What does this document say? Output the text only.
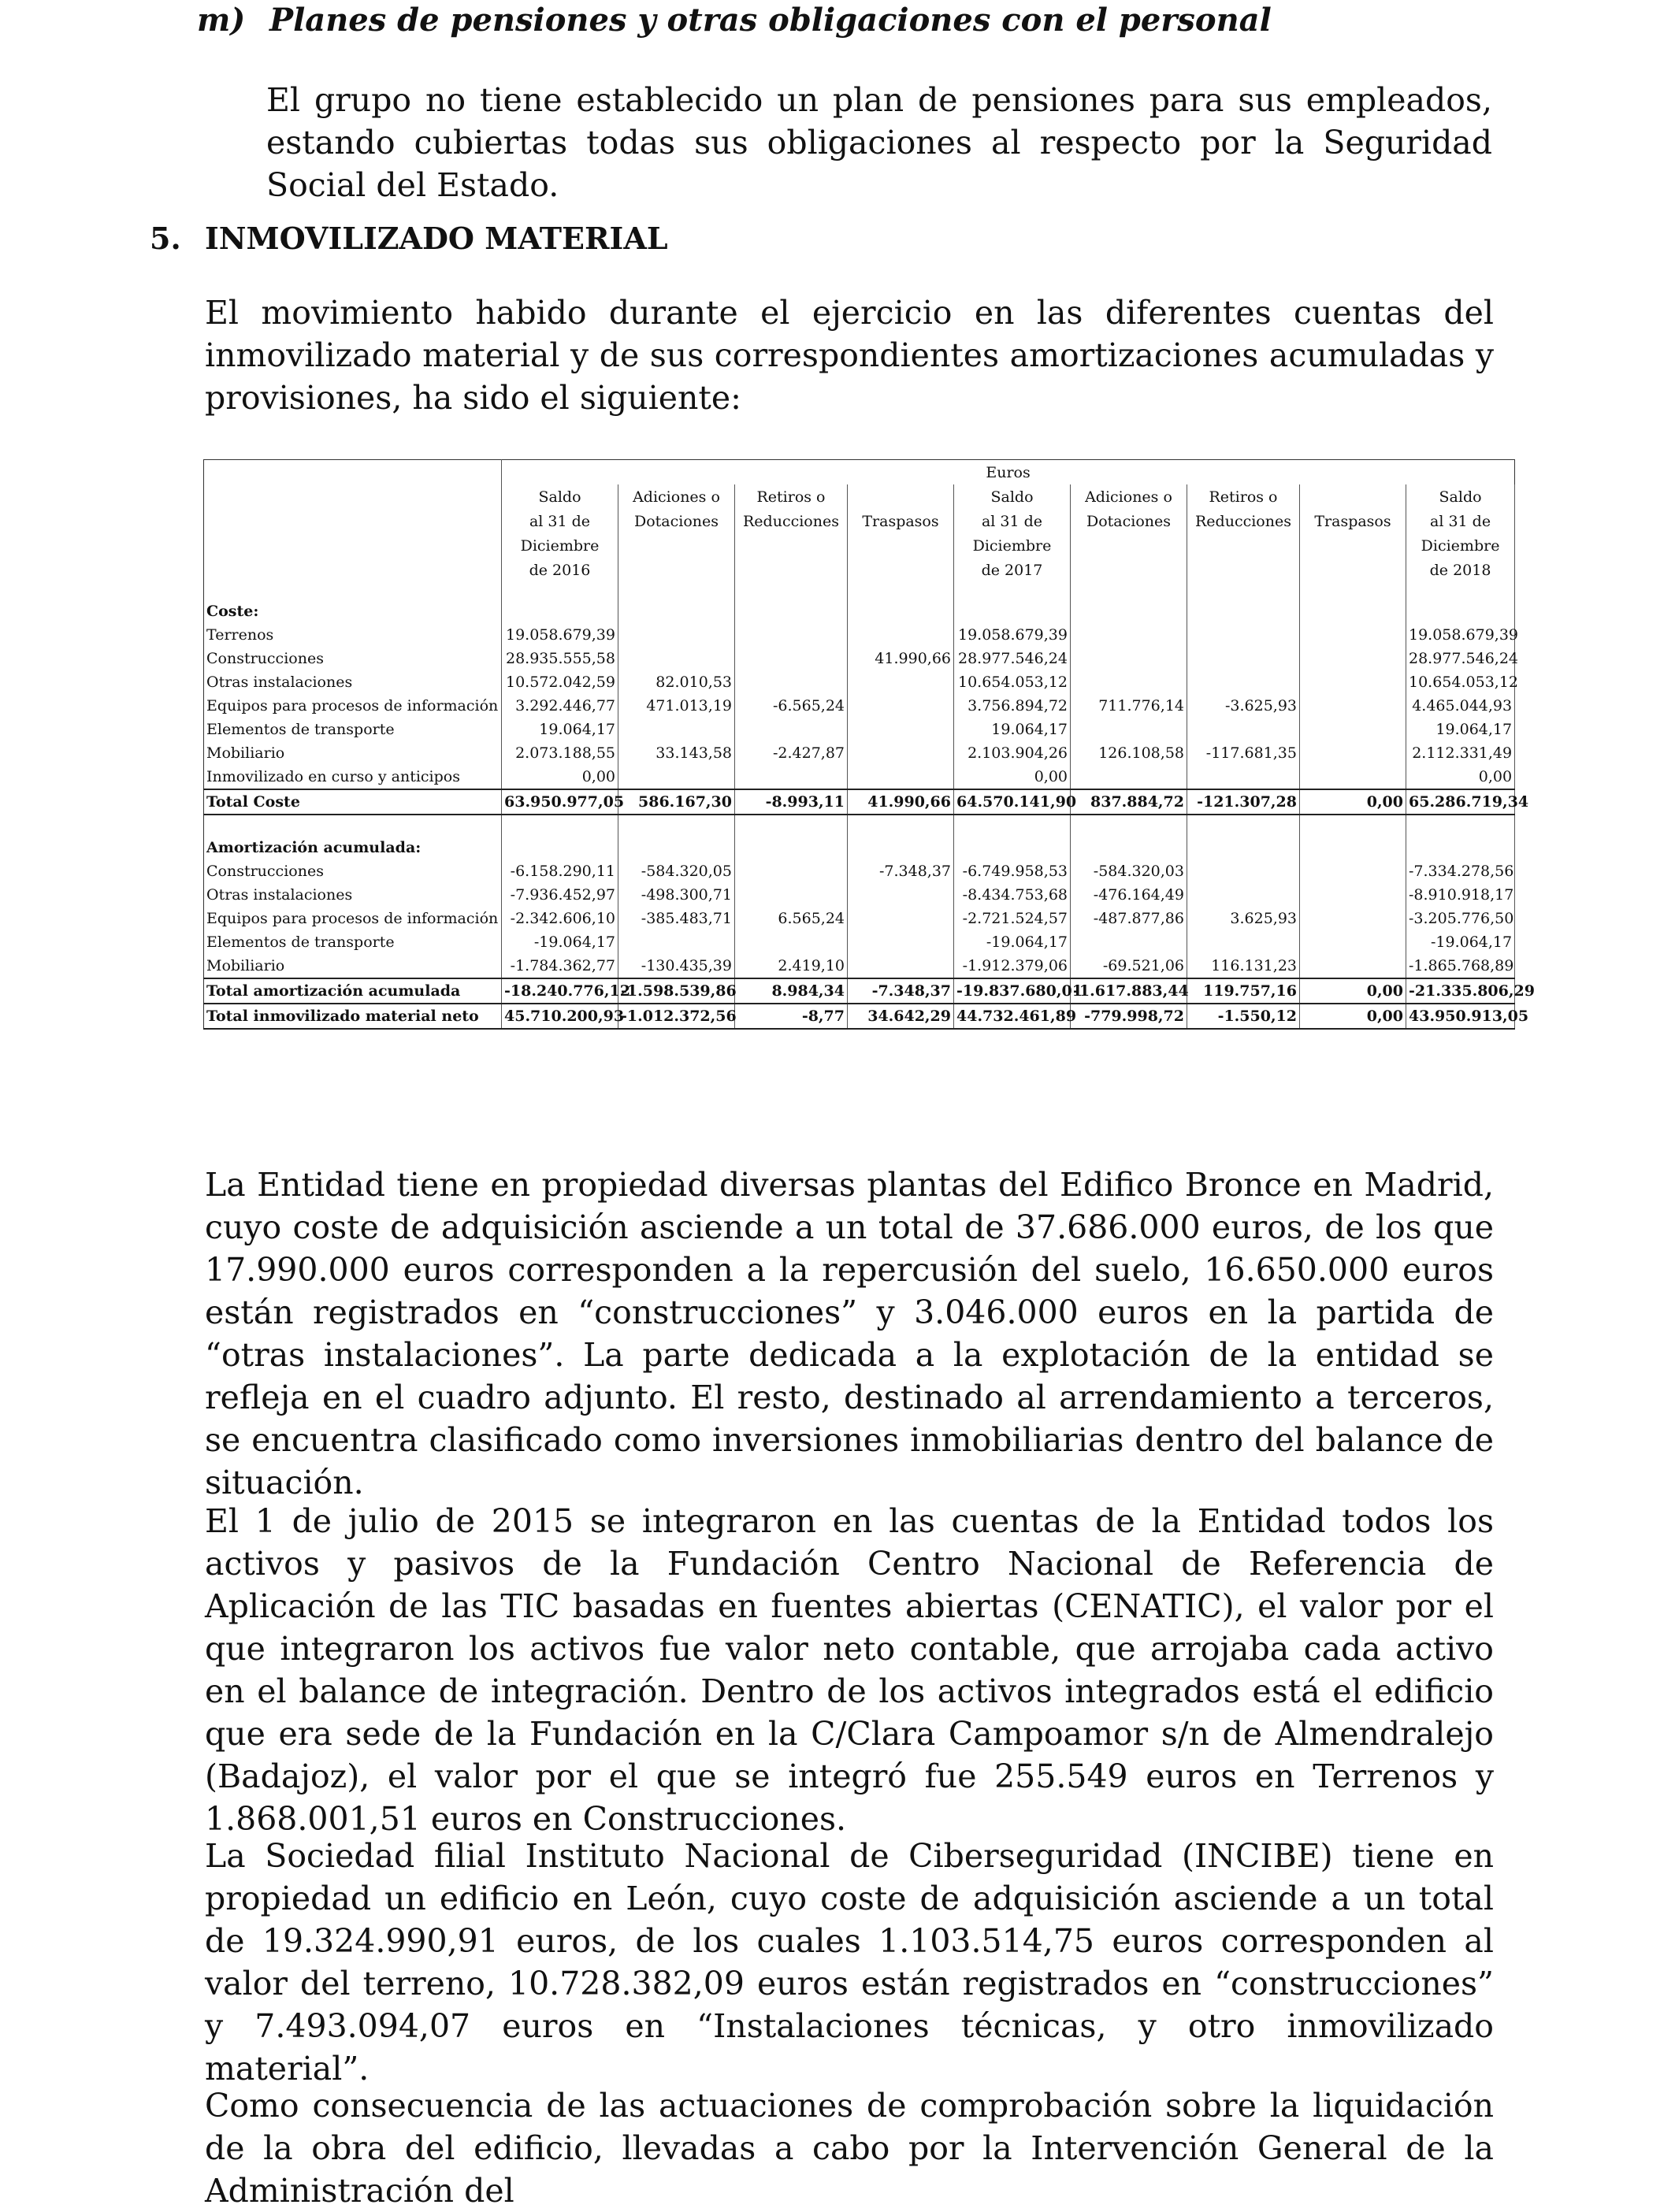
m) Planes de pensiones y otras obligaciones con el personal
El grupo no tiene establecido un plan de pensiones para sus empleados, estando cubiertas todas sus obligaciones al respecto por la Seguridad Social del Estado.
5. INMOVILIZADO MATERIAL
El movimiento habido durante el ejercicio en las diferentes cuentas del inmovilizado material y de sus correspondientes amortizaciones acumuladas y provisiones, ha sido el siguiente:
	Euros								
	Saldo	Adiciones o	Retiros o		Saldo	Adiciones o	Retiros o		Saldo
	al 31 de	Dotaciones	Reducciones	Traspasos	al 31 de	Dotaciones	Reducciones	Traspasos	al 31 de
	Diciembre				Diciembre				Diciembre
	de 2016				de 2017				de 2018

Coste:									
Terrenos	19.058.679,39				19.058.679,39				19.058.679,39
Construcciones	28.935.555,58			41.990,66	28.977.546,24				28.977.546,24
Otras instalaciones	10.572.042,59	82.010,53			10.654.053,12				10.654.053,12
Equipos para procesos de información	3.292.446,77	471.013,19	-6.565,24		3.756.894,72	711.776,14	-3.625,93		4.465.044,93
Elementos de transporte	19.064,17				19.064,17				19.064,17
Mobiliario	2.073.188,55	33.143,58	-2.427,87		2.103.904,26	126.108,58	-117.681,35		2.112.331,49
Inmovilizado en curso y anticipos	0,00				0,00				0,00
Total Coste	63.950.977,05	586.167,30	-8.993,11	41.990,66	64.570.141,90	837.884,72	-121.307,28	0,00	65.286.719,34

Amortización acumulada:									
Construcciones	-6.158.290,11	-584.320,05		-7.348,37	-6.749.958,53	-584.320,03			-7.334.278,56
Otras instalaciones	-7.936.452,97	-498.300,71			-8.434.753,68	-476.164,49			-8.910.918,17
Equipos para procesos de información	-2.342.606,10	-385.483,71	6.565,24		-2.721.524,57	-487.877,86	3.625,93		-3.205.776,50
Elementos de transporte	-19.064,17				-19.064,17				-19.064,17
Mobiliario	-1.784.362,77	-130.435,39	2.419,10		-1.912.379,06	-69.521,06	116.131,23		-1.865.768,89
Total amortización acumulada	-18.240.776,12	-1.598.539,86	8.984,34	-7.348,37	-19.837.680,01	-1.617.883,44	119.757,16	0,00	-21.335.806,29
Total inmovilizado material neto	45.710.200,93	-1.012.372,56	-8,77	34.642,29	44.732.461,89	-779.998,72	-1.550,12	0,00	43.950.913,05
La Entidad tiene en propiedad diversas plantas del Edifico Bronce en Madrid, cuyo coste de adquisición asciende a un total de 37.686.000 euros, de los que 17.990.000 euros corresponden a la repercusión del suelo, 16.650.000 euros están registrados en “construcciones” y 3.046.000 euros en la partida de “otras instalaciones”. La parte dedicada a la explotación de la entidad se refleja en el cuadro adjunto. El resto, destinado al arrendamiento a terceros, se encuentra clasificado como inversiones inmobiliarias dentro del balance de situación.
El 1 de julio de 2015 se integraron en las cuentas de la Entidad todos los activos y pasivos de la Fundación Centro Nacional de Referencia de Aplicación de las TIC basadas en fuentes abiertas (CENATIC), el valor por el que integraron los activos fue valor neto contable, que arrojaba cada activo en el balance de integración. Dentro de los activos integrados está el edificio que era sede de la Fundación en la C/Clara Campoamor s/n de Almendralejo (Badajoz), el valor por el que se integró fue 255.549 euros en Terrenos y 1.868.001,51 euros en Construcciones.
La Sociedad filial Instituto Nacional de Ciberseguridad (INCIBE) tiene en propiedad un edificio en León, cuyo coste de adquisición asciende a un total de 19.324.990,91 euros, de los cuales 1.103.514,75 euros corresponden al valor del terreno, 10.728.382,09 euros están registrados en “construcciones” y 7.493.094,07 euros en “Instalaciones técnicas, y otro inmovilizado material”.
Como consecuencia de las actuaciones de comprobación sobre la liquidación de la obra del edificio, llevadas a cabo por la Intervención General de la Administración del
